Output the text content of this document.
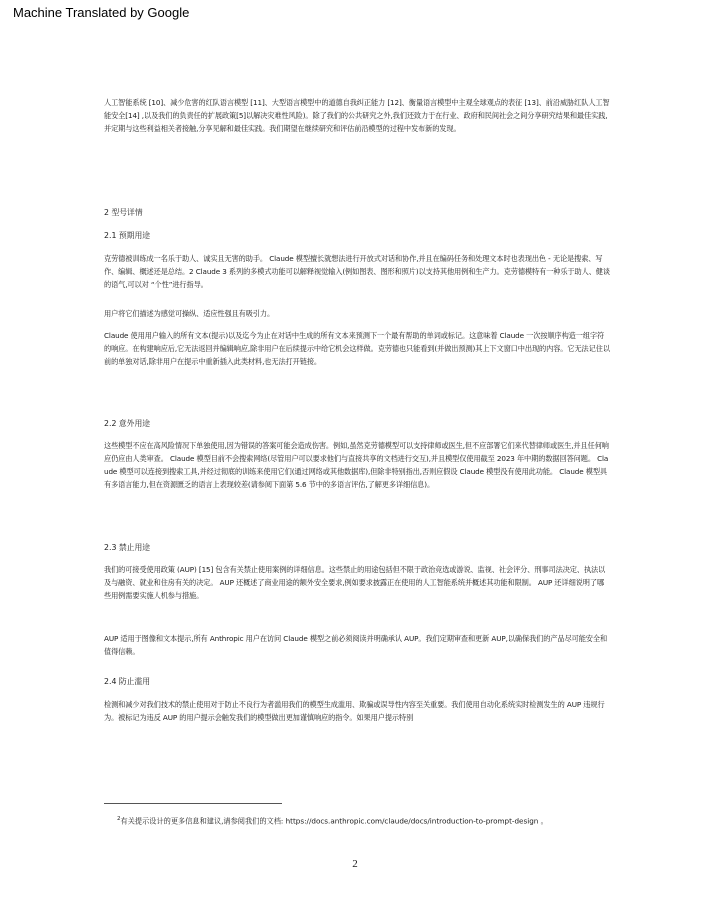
Machine Translated by Google

人工智能系统 [10]、减少危害的红队语言模型 [11]、大型语言模型中的道德自我纠正能力 [12]、衡量语言模型中主观全球观点的表征 [13]、前沿威胁红队人工智能安全[14] ,以及我们的负责任的扩展政策[5]以解决灾难性风险)。除了我们的公共研究之外,我们还致力于在行业、政府和民间社会之间分享研究结果和最佳实践,并定期与这些利益相关者接触,分享见解和最佳实践。我们期望在继续研究和评估前沿模型的过程中发布新的发现。

2 型号详情
2.1 预期用途

克劳德被训练成一名乐于助人、诚实且无害的助手。 Claude 模型擅长就想法进行开放式对话和协作,并且在编码任务和处理文本时也表现出色 - 无论是搜索、写作、编辑、概述还是总结。2 Claude 3 系列的多模式功能可以解释视觉输入(例如图表、图形和照片)以支持其他用例和生产力。克劳德模特有一种乐于助人、健谈的语气,可以对 “个性”进行指导。

用户将它们描述为感觉可操纵、适应性强且有吸引力。

Claude 使用用户输入的所有文本(提示)以及迄今为止在对话中生成的所有文本来预测下一个最有帮助的单词或标记。这意味着 Claude 一次按顺序构造一组字符的响应。在构建响应后,它无法返回并编辑响应,除非用户在后续提示中给它机会这样做。克劳德也只能看到(并做出预测)其上下文窗口中出现的内容。它无法记住以前的单独对话,除非用户在提示中重新插入此类材料,也无法打开链接。

2.2 意外用途

这些模型不应在高风险情况下单独使用,因为错误的答案可能会造成伤害。例如,虽然克劳德模型可以支持律师或医生,但不应部署它们来代替律师或医生,并且任何响应仍应由人类审查。 Claude 模型目前不会搜索网络(尽管用户可以要求他们与直接共享的文档进行交互),并且模型仅使用截至 2023 年中期的数据回答问题。 Claude 模型可以连接到搜索工具,并经过彻底的训练来使用它们(通过网络或其他数据库),但除非特别指出,否则应假设 Claude 模型没有使用此功能。 Claude 模型具有多语言能力,但在资源匮乏的语言上表现较差(请参阅下面第 5.6 节中的多语言评估,了解更多详细信息)。

2.3 禁止用途

我们的可接受使用政策 (AUP) [15] 包含有关禁止使用案例的详细信息。这些禁止的用途包括但不限于政治竞选或游说、监视、社会评分、刑事司法决定、执法以及与融资、就业和住房有关的决定。 AUP 还概述了商业用途的额外安全要求,例如要求披露正在使用的人工智能系统并概述其功能和限制。 AUP 还详细说明了哪些用例需要实施人机参与措施。

AUP 适用于图像和文本提示,所有 Anthropic 用户在访问 Claude 模型之前必须阅读并明确承认 AUP。我们定期审查和更新 AUP,以确保我们的产品尽可能安全和值得信赖。

2.4 防止滥用

检测和减少对我们技术的禁止使用对于防止不良行为者滥用我们的模型生成滥用、欺骗或误导性内容至关重要。我们使用自动化系统实时检测发生的 AUP 违规行为。被标记为违反 AUP 的用户提示会触发我们的模型做出更加谨慎响应的指令。如果用户提示特别

$^2$有关提示设计的更多信息和建议,请参阅我们的文档: https://docs.anthropic.com/claude/docs/introduction-to-prompt-design 。
2
